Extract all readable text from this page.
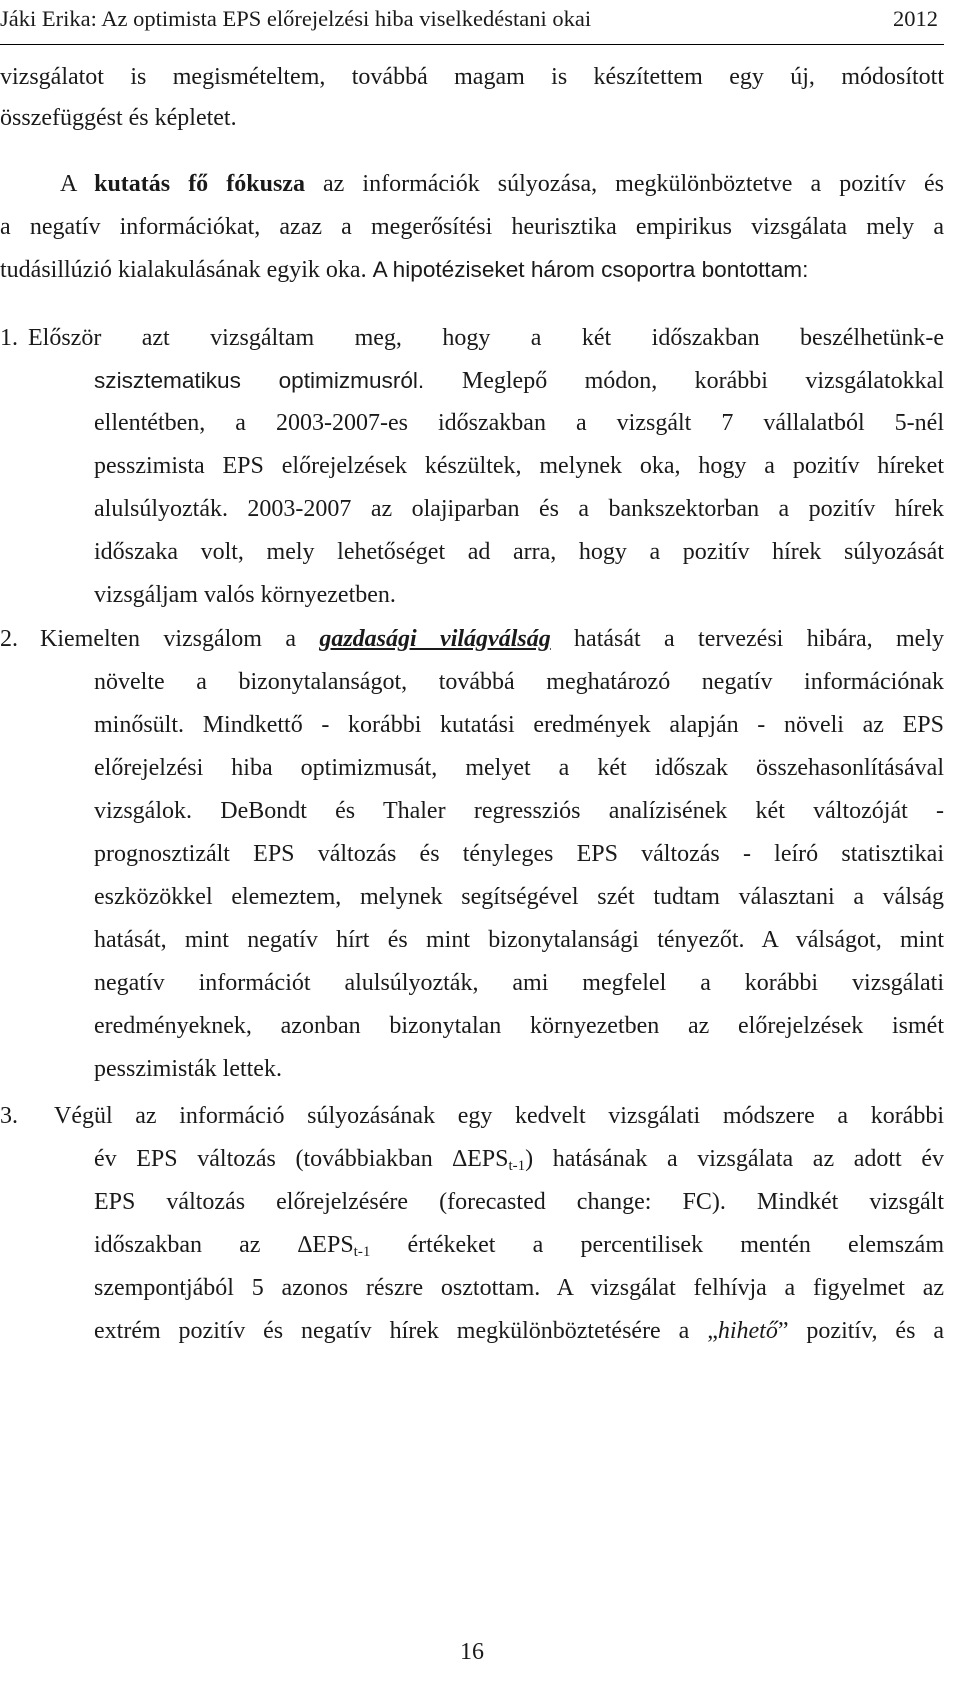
Jáki Erika: Az optimista EPS előrejelzési hiba viselkedéstani okai	2012
vizsgálatot is megismételtem, továbbá magam is készítettem egy új, módosított
összefüggést és képletet.
A kutatás fő fókusza az információk súlyozása, megkülönböztetve a pozitív és
a negatív információkat, azaz a megerősítési heurisztika empirikus vizsgálata mely a
tudásillúzió kialakulásának egyik oka. A hipotéziseket három csoportra bontottam:
1. Először azt vizsgáltam meg, hogy a két időszakban beszélhetünk-e
szisztematikus optimizmusról. Meglepő módon, korábbi vizsgálatokkal
ellentétben, a 2003-2007-es időszakban a vizsgált 7 vállalatból 5-nél
pesszimista EPS előrejelzések készültek, melynek oka, hogy a pozitív híreket
alulsúlyozták. 2003-2007 az olajiparban és a bankszektorban a pozitív hírek
időszaka volt, mely lehetőséget ad arra, hogy a pozitív hírek súlyozását
vizsgáljam valós környezetben.
2. Kiemelten vizsgálom a gazdasági világválság hatását a tervezési hibára, mely
növelte a bizonytalanságot, továbbá meghatározó negatív információnak
minősült. Mindkettő - korábbi kutatási eredmények alapján - növeli az EPS
előrejelzési hiba optimizmusát, melyet a két időszak összehasonlításával
vizsgálok. DeBondt és Thaler regressziós analízisének két változóját -
prognosztizált EPS változás és tényleges EPS változás - leíró statisztikai
eszközökkel elemeztem, melynek segítségével szét tudtam választani a válság
hatását, mint negatív hírt és mint bizonytalansági tényezőt. A válságot, mint
negatív információt alulsúlyozták, ami megfelel a korábbi vizsgálati
eredményeknek, azonban bizonytalan környezetben az előrejelzések ismét
pesszimisták lettek.
3. Végül az információ súlyozásának egy kedvelt vizsgálati módszere a korábbi
év EPS változás (továbbiakban $\Delta EPS_{t-1}$) hatásának a vizsgálata az adott év
EPS változás előrejelzésére (forecasted change: FC). Mindkét vizsgált
időszakban az $\Delta EPS_{t-1}$ értékeket a percentilisek mentén elemszám
szempontjából 5 azonos részre osztottam. A vizsgálat felhívja a figyelmet az
extrém pozitív és negatív hírek megkülönböztetésére a „hihető” pozitív, és a
16
